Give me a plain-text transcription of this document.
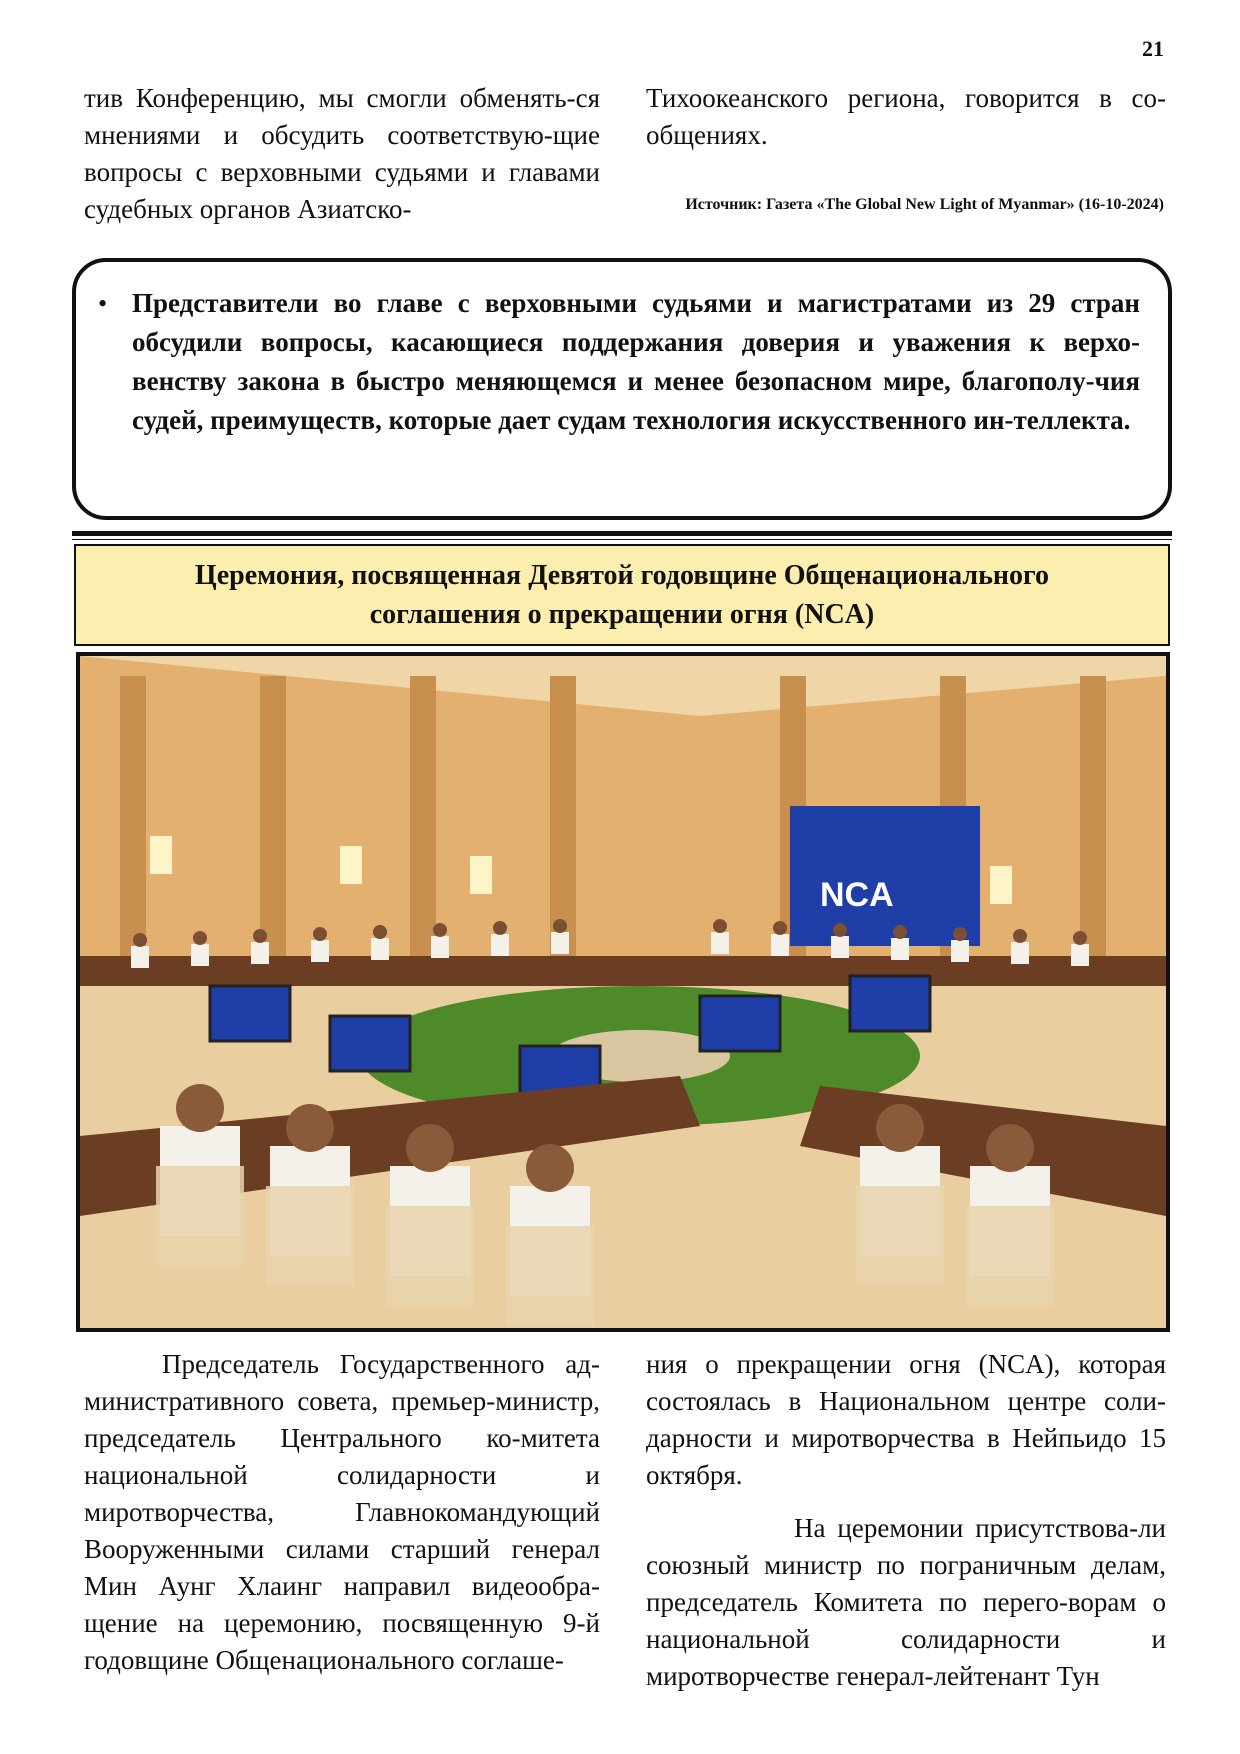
21

тив Конференцию, мы смогли обменять-ся мнениями и обсудить соответствую-щие вопросы с верховными судьями и главами судебных органов Азиатско-

Тихоокеанского региона, говорится в со-общениях.

Источник: Газета «The Global New Light of Myanmar» (16-10-2024)
• Представители во главе с верховными судьями и магистратами из 29 стран обсудили вопросы, касающиеся поддержания доверия и уважения к верхо-венству закона в быстро меняющемся и менее безопасном мире, благополу-чия судей, преимуществ, которые дает судам технология искусственного ин-теллекта.
Церемония, посвященная Девятой годовщине Общенационального
соглашения о прекращении огня (NCA)
NCA

Председатель Государственного ад-министративного совета, премьер-министр, председатель Центрального ко-митета национальной солидарности и миротворчества, Главнокомандующий Вооруженными силами старший генерал Мин Аунг Хлаинг направил видеообра-щение на церемонию, посвященную 9-й годовщине Общенационального соглаше-

ния о прекращении огня (NCA), которая состоялась в Национальном центре соли-дарности и миротворчества в Нейпьидо 15 октября.

На церемонии присутствова-ли союзный министр по пограничным делам, председатель Комитета по перего-ворам о национальной солидарности и миротворчестве генерал-лейтенант Тун
